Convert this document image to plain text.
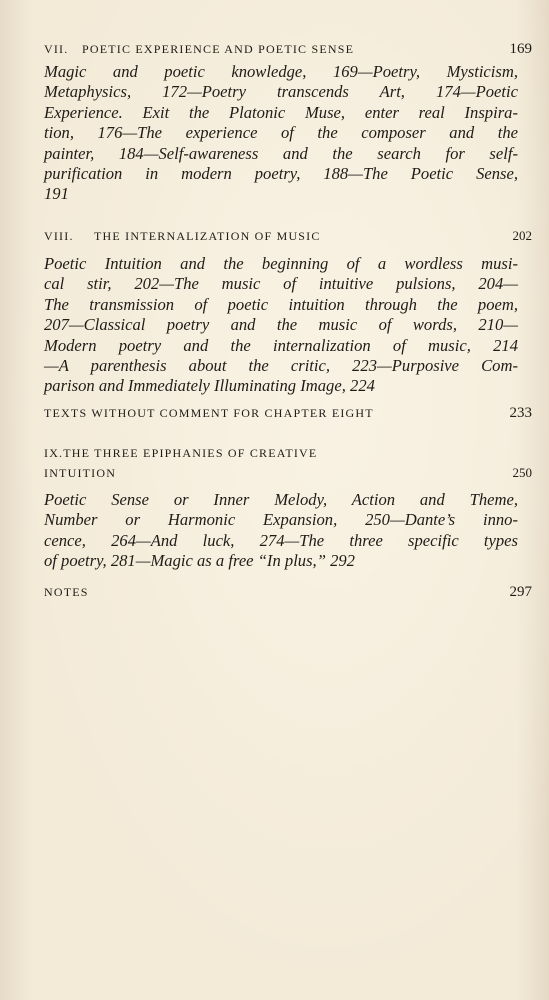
VII. POETIC EXPERIENCE AND POETIC SENSE	169
Magic and poetic knowledge, 169—Poetry, Mysticism,
Metaphysics, 172—Poetry transcends Art, 174—Poetic
Experience. Exit the Platonic Muse, enter real Inspira-
tion, 176—The experience of the composer and the
painter, 184—Self-awareness and the search for self-
purification in modern poetry, 188—The Poetic Sense,
191
VIII. THE INTERNALIZATION OF MUSIC	202
Poetic Intuition and the beginning of a wordless musi-
cal stir, 202—The music of intuitive pulsions, 204—
The transmission of poetic intuition through the poem,
207—Classical poetry and the music of words, 210—
Modern poetry and the internalization of music, 214
—A parenthesis about the critic, 223—Purposive Com-
parison and Immediately Illuminating Image, 224
TEXTS WITHOUT COMMENT FOR CHAPTER EIGHT	233
IX.THE THREE EPIPHANIES OF CREATIVE
INTUITION	250
Poetic Sense or Inner Melody, Action and Theme,
Number or Harmonic Expansion, 250—Dante’s inno-
cence, 264—And luck, 274—The three specific types
of poetry, 281—Magic as a free “In plus,” 292
NOTES	297
